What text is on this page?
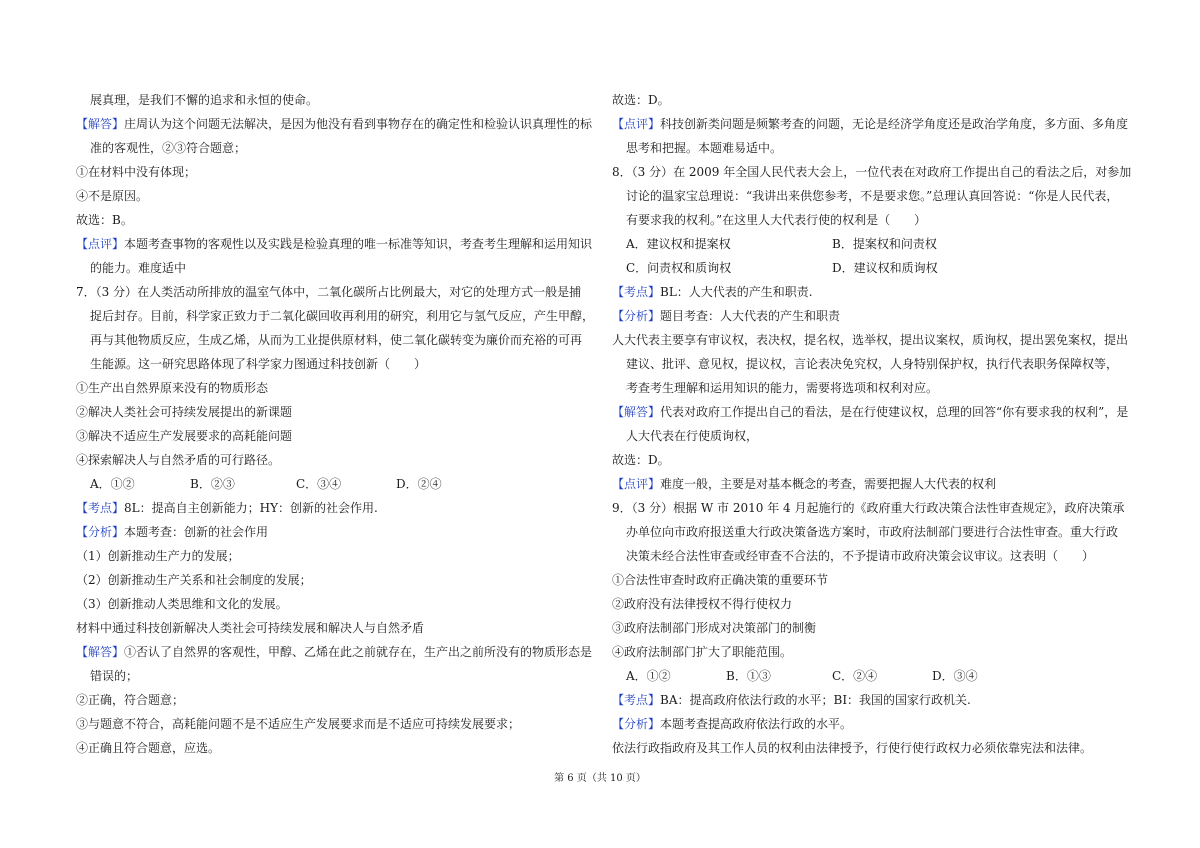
展真理，是我们不懈的追求和永恒的使命。
【解答】庄周认为这个问题无法解决，是因为他没有看到事物存在的确定性和检验认识真理性的标
准的客观性，②③符合题意；
①在材料中没有体现；
④不是原因。
故选：B。
【点评】本题考查事物的客观性以及实践是检验真理的唯一标准等知识，考查考生理解和运用知识
的能力。难度适中
7．（3 分）在人类活动所排放的温室气体中，二氧化碳所占比例最大，对它的处理方式一般是捕
捉后封存。目前，科学家正致力于二氧化碳回收再利用的研究，利用它与氢气反应，产生甲醇，
再与其他物质反应，生成乙烯，从而为工业提供原材料，使二氧化碳转变为廉价而充裕的可再
生能源。这一研究思路体现了科学家力图通过科技创新（　　）
①生产出自然界原来没有的物质形态
②解决人类社会可持续发展提出的新课题
③解决不适应生产发展要求的高耗能问题
④探索解决人与自然矛盾的可行路径。
A．①②	B．②③	C．③④	D．②④
【考点】8L：提高自主创新能力；HY：创新的社会作用.
【分析】本题考查：创新的社会作用
（1）创新推动生产力的发展；
（2）创新推动生产关系和社会制度的发展；
（3）创新推动人类思维和文化的发展。
材料中通过科技创新解决人类社会可持续发展和解决人与自然矛盾
【解答】①否认了自然界的客观性，甲醇、乙烯在此之前就存在，生产出之前所没有的物质形态是
错误的；
②正确，符合题意；
③与题意不符合，高耗能问题不是不适应生产发展要求而是不适应可持续发展要求；
④正确且符合题意，应选。
故选：D。
【点评】科技创新类问题是频繁考查的问题，无论是经济学角度还是政治学角度，多方面、多角度
思考和把握。本题难易适中。
8．（3 分）在 2009 年全国人民代表大会上，一位代表在对政府工作提出自己的看法之后，对参加
讨论的温家宝总理说：“我讲出来供您参考，不是要求您。”总理认真回答说：“你是人民代表，
有要求我的权利。”在这里人大代表行使的权利是（　　）
A．建议权和提案权	B．提案权和问责权
C．问责权和质询权	D．建议权和质询权
【考点】BL：人大代表的产生和职责.
【分析】题目考查：人大代表的产生和职责
人大代表主要享有审议权，表决权，提名权，选举权，提出议案权，质询权，提出罢免案权，提出
建议、批评、意见权，提议权，言论表决免究权，人身特别保护权，执行代表职务保障权等，
考查考生理解和运用知识的能力，需要将选项和权利对应。
【解答】代表对政府工作提出自己的看法，是在行使建议权，总理的回答“你有要求我的权利”，是
人大代表在行使质询权，
故选：D。
【点评】难度一般，主要是对基本概念的考查，需要把握人大代表的权利
9．（3 分）根据 W 市 2010 年 4 月起施行的《政府重大行政决策合法性审查规定》，政府决策承
办单位向市政府报送重大行政决策备选方案时，市政府法制部门要进行合法性审查。重大行政
决策未经合法性审查或经审查不合法的，不予提请市政府决策会议审议。这表明（　　）
①合法性审查时政府正确决策的重要环节
②政府没有法律授权不得行使权力
③政府法制部门形成对决策部门的制衡
④政府法制部门扩大了职能范围。
A．①②	B．①③	C．②④	D．③④
【考点】BA：提高政府依法行政的水平；BI：我国的国家行政机关.
【分析】本题考查提高政府依法行政的水平。
依法行政指政府及其工作人员的权利由法律授予，行使行使行政权力必须依靠宪法和法律。
第 6 页（共 10 页）
